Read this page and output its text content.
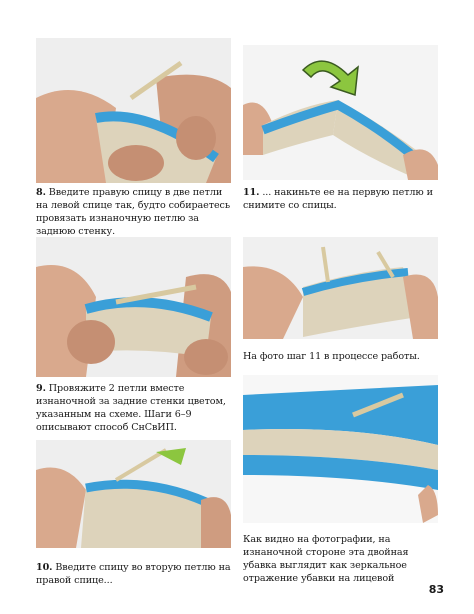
8. Введите правую спицу в две петли на левой спице так, будто собираетесь провязать изнаночную петлю за заднюю стенку.
11. ... накиньте ее на первую петлю и снимите со спицы.
На фото шаг 11 в процессе работы.
9. Провяжите 2 петли вместе изнаночной за задние стенки цветом, указанным на схеме. Шаги 6–9 описывают способ СнСвИП.
Как видно на фотографии, на изнаночной стороне эта двойная убавка выглядит как зеркальное отражение убавки на лицевой
10. Введите спицу во вторую петлю на правой спице...
83
